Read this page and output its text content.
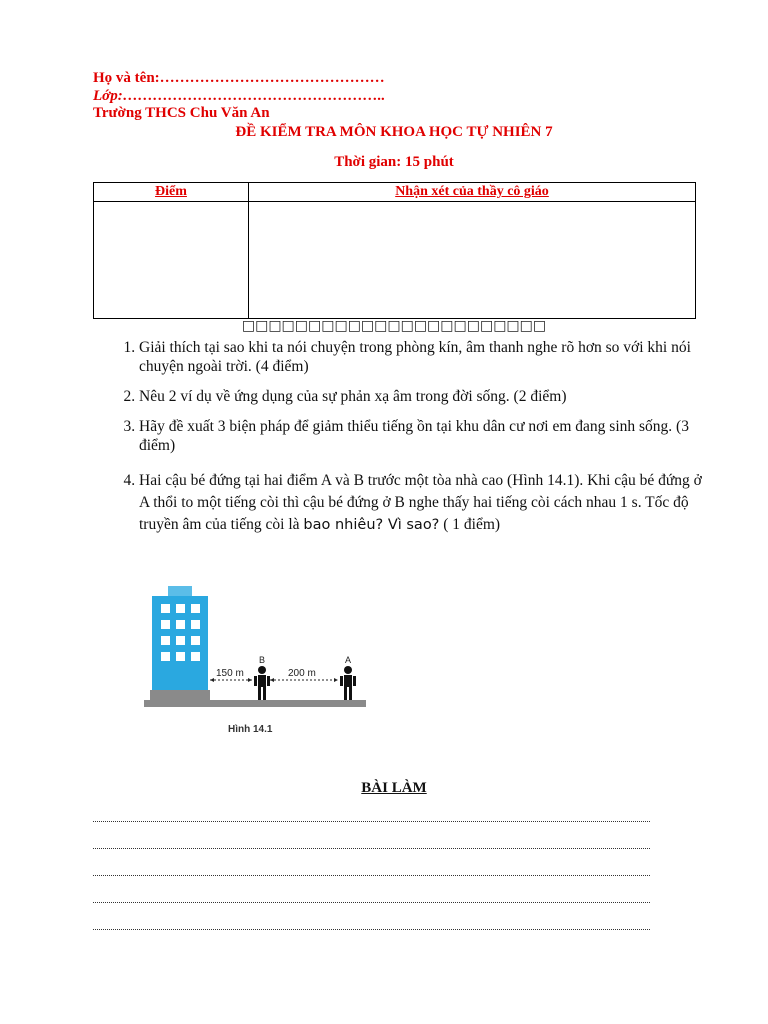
Họ và tên:………………………………………
Lớp:……………………………………………..
Trường THCS Chu Văn An
ĐỀ KIỂM TRA MÔN KHOA HỌC TỰ NHIÊN 7
Thời gian: 15 phút
Điểm	Nhận xét của thầy cô giáo

□□□□□□□□□□□□□□□□□□□□□□□
1. Giải thích tại sao khi ta nói chuyện trong phòng kín, âm thanh nghe rõ hơn so với khi nói chuyện ngoài trời. (4 điểm)
2. Nêu 2 ví dụ về ứng dụng của sự phản xạ âm trong đời sống. (2 điểm)
3. Hãy đề xuất 3 biện pháp để giảm thiểu tiếng ồn tại khu dân cư nơi em đang sinh sống. (3 điểm)
4. Hai cậu bé đứng tại hai điểm A và B trước một tòa nhà cao (Hình 14.1). Khi cậu bé đứng ở A thổi to một tiếng còi thì cậu bé đứng ở B nghe thấy hai tiếng còi cách nhau 1 s. Tốc độ truyền âm của tiếng còi là bao nhiêu? Vì sao? ( 1 điểm)
150 m	200 m
B	A
Hình 14.1
BÀI LÀM
